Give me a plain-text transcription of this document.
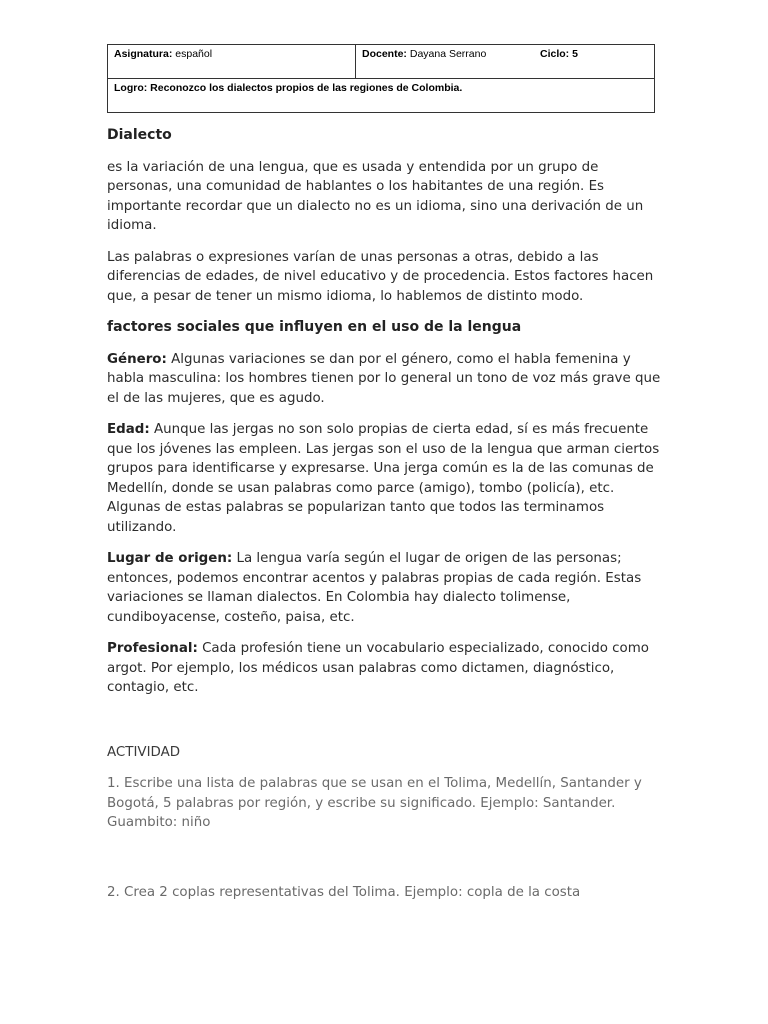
Asignatura: español	Docente: Dayana Serrano	Ciclo: 5

Logro: Reconozco los dialectos propios de las regiones de Colombia.

Dialecto

es la variación de una lengua, que es usada y entendida por un grupo de personas, una comunidad de hablantes o los habitantes de una región. Es importante recordar que un dialecto no es un idioma, sino una derivación de un idioma.

Las palabras o expresiones varían de unas personas a otras, debido a las diferencias de edades, de nivel educativo y de procedencia. Estos factores hacen que, a pesar de tener un mismo idioma, lo hablemos de distinto modo.

factores sociales que influyen en el uso de la lengua

Género: Algunas variaciones se dan por el género, como el habla femenina y habla masculina: los hombres tienen por lo general un tono de voz más grave que el de las mujeres, que es agudo.

Edad: Aunque las jergas no son solo propias de cierta edad, sí es más frecuente que los jóvenes las empleen. Las jergas son el uso de la lengua que arman ciertos grupos para identificarse y expresarse. Una jerga común es la de las comunas de Medellín, donde se usan palabras como parce (amigo), tombo (policía), etc. Algunas de estas palabras se popularizan tanto que todos las terminamos utilizando.

Lugar de origen: La lengua varía según el lugar de origen de las personas; entonces, podemos encontrar acentos y palabras propias de cada región. Estas variaciones se llaman dialectos. En Colombia hay dialecto tolimense, cundiboyacense, costeño, paisa, etc.

Profesional: Cada profesión tiene un vocabulario especializado, conocido como argot. Por ejemplo, los médicos usan palabras como dictamen, diagnóstico, contagio, etc.

ACTIVIDAD

1. Escribe una lista de palabras que se usan en el Tolima, Medellín, Santander y Bogotá, 5 palabras por región, y escribe su significado. Ejemplo: Santander. Guambito: niño

2. Crea 2 coplas representativas del Tolima. Ejemplo: copla de la costa
